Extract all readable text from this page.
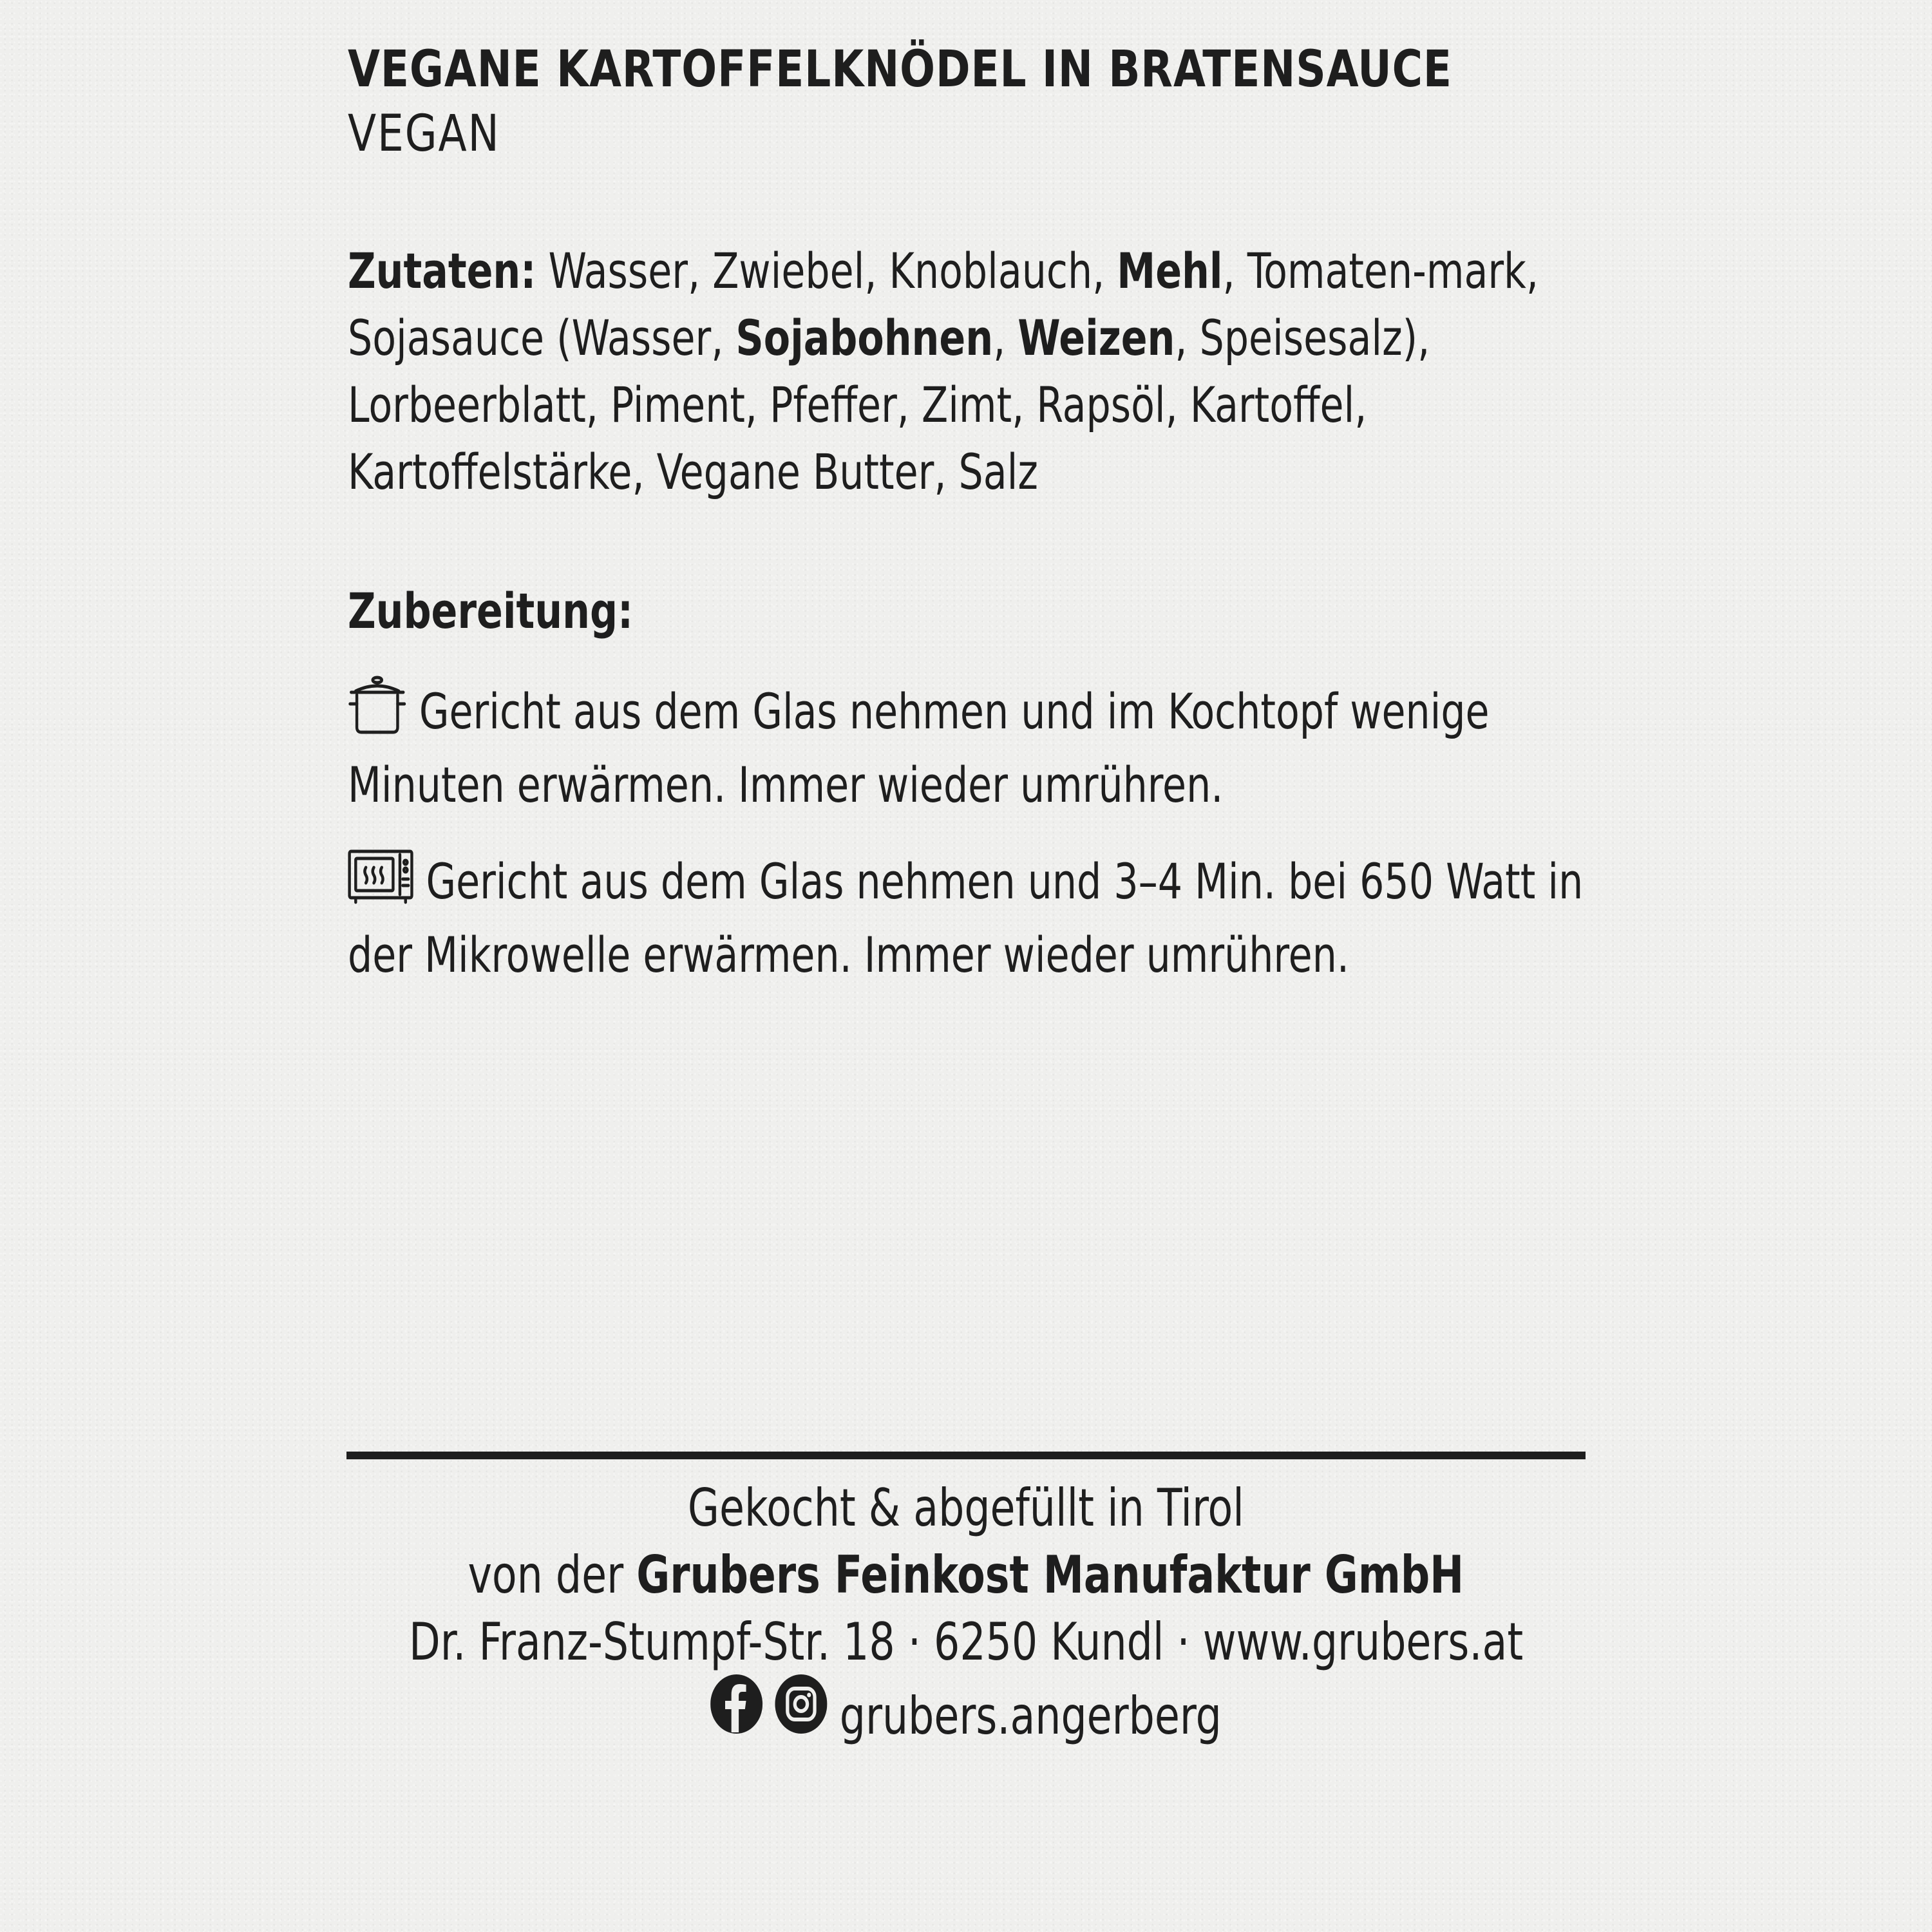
VEGANE KARTOFFELKNÖDEL IN BRATENSAUCE
VEGAN
Zutaten: Wasser, Zwiebel, Knoblauch, Mehl, Tomaten-mark, Sojasauce (Wasser, Sojabohnen, Weizen, Speisesalz), Lorbeerblatt, Piment, Pfeffer, Zimt, Rapsöl, Kartoffel, Kartoffelstärke, Vegane Butter, Salz
Zubereitung:
Gericht aus dem Glas nehmen und im Kochtopf wenige Minuten erwärmen. Immer wieder umrühren.
Gericht aus dem Glas nehmen und 3–4 Min. bei 650 Watt in der Mikrowelle erwärmen. Immer wieder umrühren.
Gekocht & abgefüllt in Tirol
von der Grubers Feinkost Manufaktur GmbH
Dr. Franz-Stumpf-Str. 18 · 6250 Kundl · www.grubers.at
grubers.angerberg
